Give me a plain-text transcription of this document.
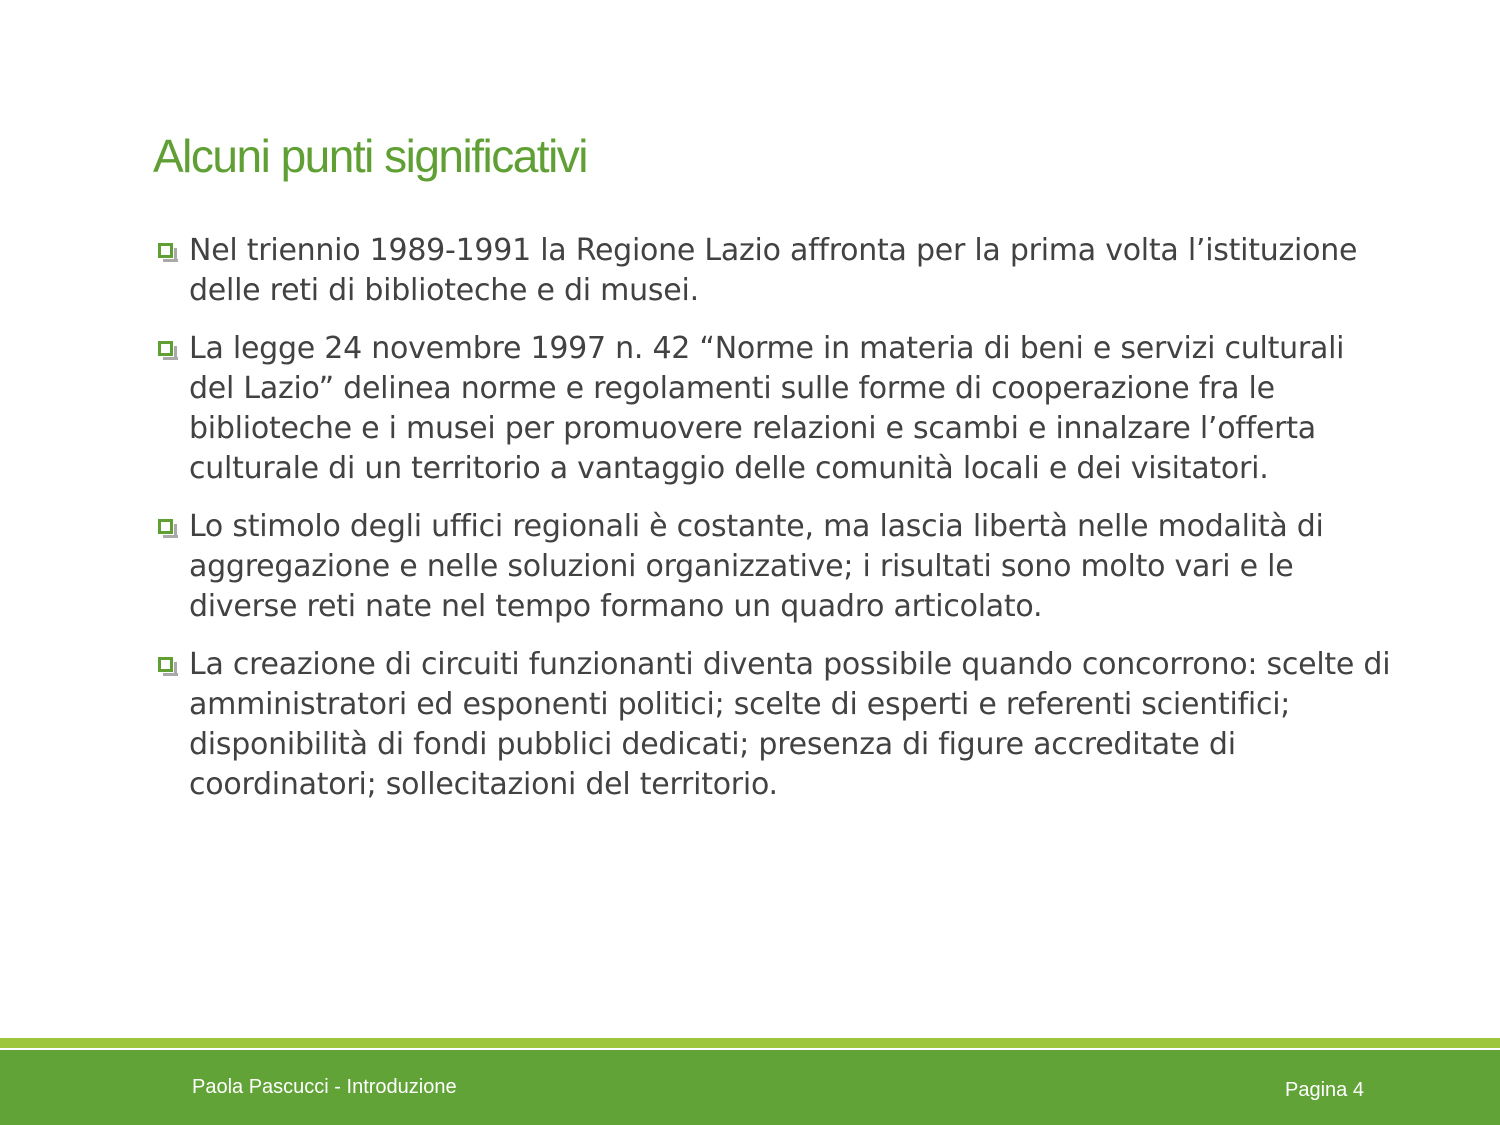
Alcuni punti significativi
Nel triennio 1989-1991 la Regione Lazio affronta per la prima volta l’istituzione delle reti di biblioteche e di musei.
La legge 24 novembre 1997 n. 42 “Norme in materia di beni e servizi culturali del Lazio” delinea norme e regolamenti sulle forme di cooperazione fra le biblioteche e i musei per promuovere relazioni e scambi e innalzare l’offerta culturale di un territorio a vantaggio delle comunità locali e dei visitatori.
Lo stimolo degli uffici regionali è costante, ma lascia libertà nelle modalità di aggregazione e nelle soluzioni organizzative; i risultati sono molto vari e le diverse reti nate nel tempo formano un quadro articolato.
La creazione di circuiti funzionanti diventa possibile quando concorrono: scelte di amministratori ed esponenti politici; scelte di esperti e referenti scientifici; disponibilità di fondi pubblici dedicati; presenza di figure accreditate di coordinatori; sollecitazioni del territorio.
Paola Pascucci - Introduzione	Pagina 4
